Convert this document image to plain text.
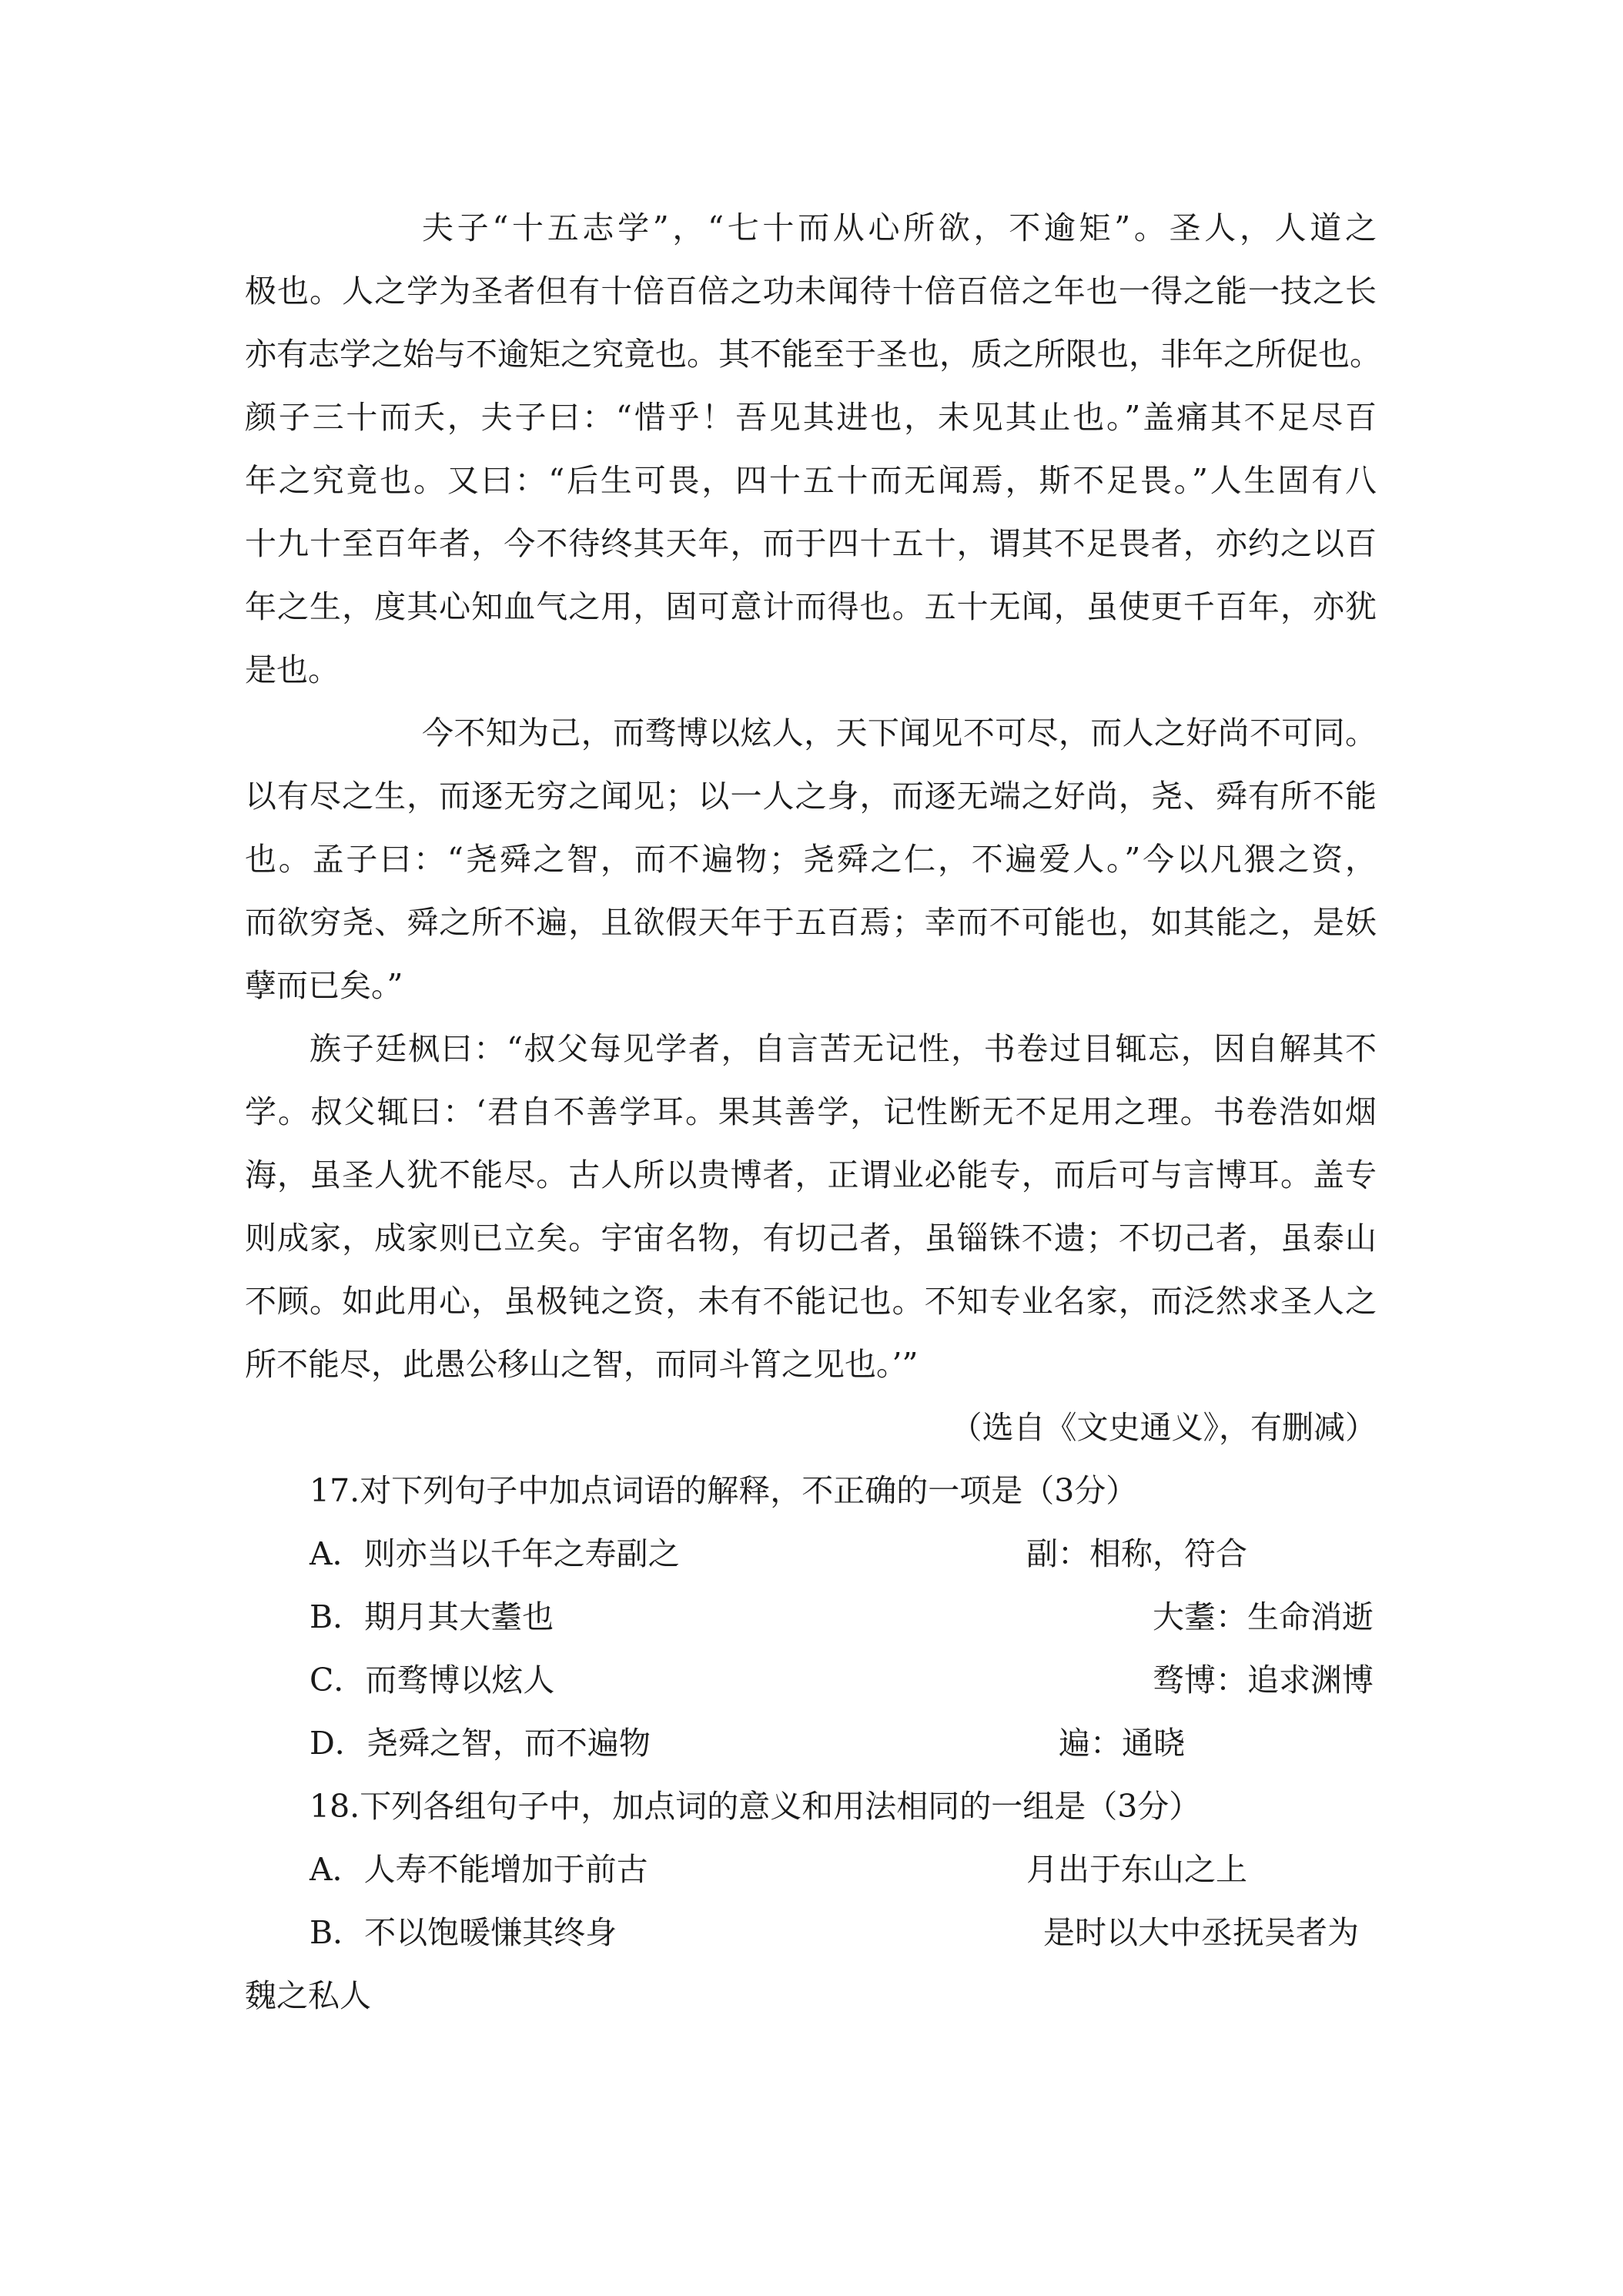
夫子“十五志学”，“七十而从心所欲，不逾矩”。圣人，人道之
极也。人之学为圣者但有十倍百倍之功未闻待十倍百倍之年也一得之能一技之长
亦有志学之始与不逾矩之究竟也。其不能至于圣也，质之所限也，非年之所促也。
颜子三十而夭，夫子曰：“惜乎！吾见其进也，未见其止也。”盖痛其不足尽百
年之究竟也。又曰：“后生可畏，四十五十而无闻焉，斯不足畏。”人生固有八
十九十至百年者，今不待终其天年，而于四十五十，谓其不足畏者，亦约之以百
年之生，度其心知血气之用，固可意计而得也。五十无闻，虽使更千百年，亦犹
是也。
今不知为己，而骛博以炫人，天下闻见不可尽，而人之好尚不可同。
以有尽之生，而逐无穷之闻见；以一人之身，而逐无端之好尚，尧、舜有所不能
也。孟子曰：“尧舜之智，而不遍物；尧舜之仁，不遍爱人。”今以凡猥之资，
而欲穷尧、舜之所不遍，且欲假天年于五百焉；幸而不可能也，如其能之，是妖
孽而已矣。”
族子廷枫曰：“叔父每见学者，自言苦无记性，书卷过目辄忘，因自解其不
学。叔父辄曰：‘君自不善学耳。果其善学，记性断无不足用之理。书卷浩如烟
海，虽圣人犹不能尽。古人所以贵博者，正谓业必能专，而后可与言博耳。盖专
则成家，成家则已立矣。宇宙名物，有切己者，虽锱铢不遗；不切己者，虽泰山
不顾。如此用心，虽极钝之资，未有不能记也。不知专业名家，而泛然求圣人之
所不能尽，此愚公移山之智，而同斗筲之见也。’”
（选自《文史通义》，有删减）
17.对下列句子中加点词语的解释，不正确的一项是（3分）
A．则亦当以千年之寿副之	副：相称，符合
B．期月其大耋也	大耋：生命消逝
C．而骛博以炫人	骛博：追求渊博
D．尧舜之智，而不遍物	遍：通晓
18.下列各组句子中，加点词的意义和用法相同的一组是（3分）
A．人寿不能增加于前古	月出于东山之上
B．不以饱暖慊其终身	是时以大中丞抚吴者为
魏之私人
